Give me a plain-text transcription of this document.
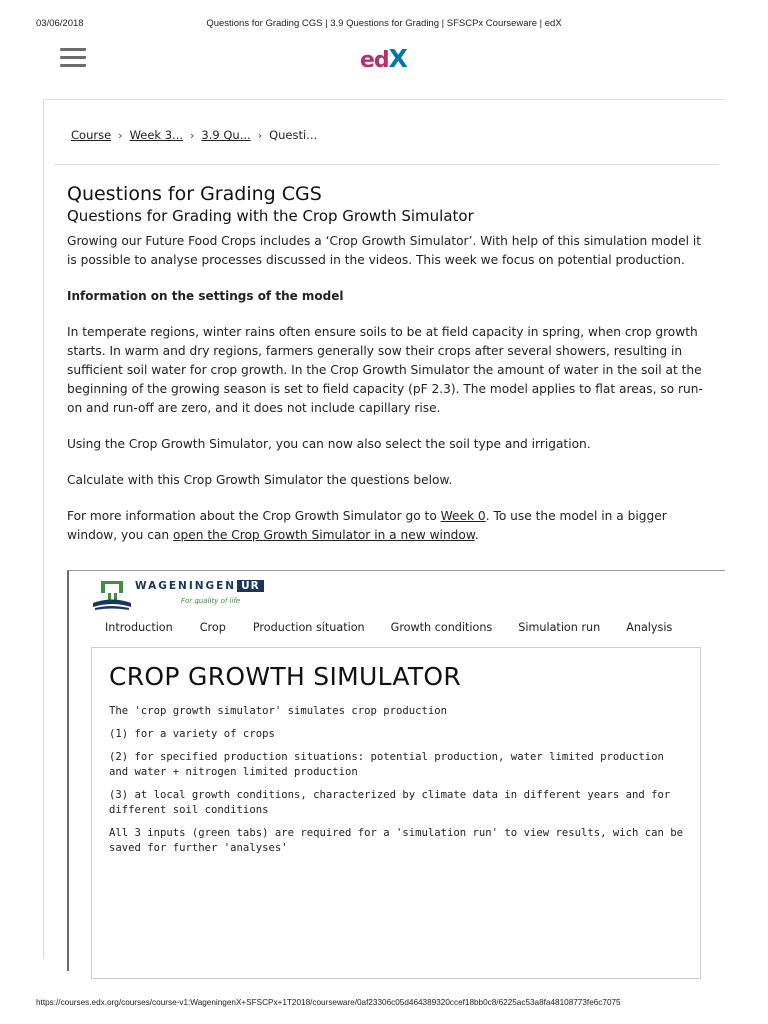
03/06/2018	Questions for Grading CGS | 3.9 Questions for Grading | SFSCPx Courseware | edX
edX
Course › Week 3... › 3.9 Qu... › Questi...
Questions for Grading CGS
Questions for Grading with the Crop Growth Simulator

Growing our Future Food Crops includes a ‘Crop Growth Simulator’. With help of this simulation model it is possible to analyse processes discussed in the videos. This week we focus on potential production.

Information on the settings of the model

In temperate regions, winter rains often ensure soils to be at field capacity in spring, when crop growth starts. In warm and dry regions, farmers generally sow their crops after several showers, resulting in sufficient soil water for crop growth. In the Crop Growth Simulator the amount of water in the soil at the beginning of the growing season is set to field capacity (pF 2.3). The model applies to flat areas, so run-on and run-off are zero, and it does not include capillary rise.

Using the Crop Growth Simulator, you can now also select the soil type and irrigation.

Calculate with this Crop Growth Simulator the questions below.

For more information about the Crop Growth Simulator go to Week 0. To use the model in a bigger window, you can open the Crop Growth Simulator in a new window.

WAGENINGEN UR
For quality of life
Introduction Crop Production situation Growth conditions Simulation run Analysis
CROP GROWTH SIMULATOR
The 'crop growth simulator' simulates crop production
(1) for a variety of crops
(2) for specified production situations: potential production, water limited production and water + nitrogen limited production
(3) at local growth conditions, characterized by climate data in different years and for different soil conditions
All 3 inputs (green tabs) are required for a 'simulation run' to view results, wich can be saved for further 'analyses'
https://courses.edx.org/courses/course-v1:WageningenX+SFSCPx+1T2018/courseware/0af23306c05d464389320ccef18bb0c8/6225ac53a8fa48108773fe6c7075
